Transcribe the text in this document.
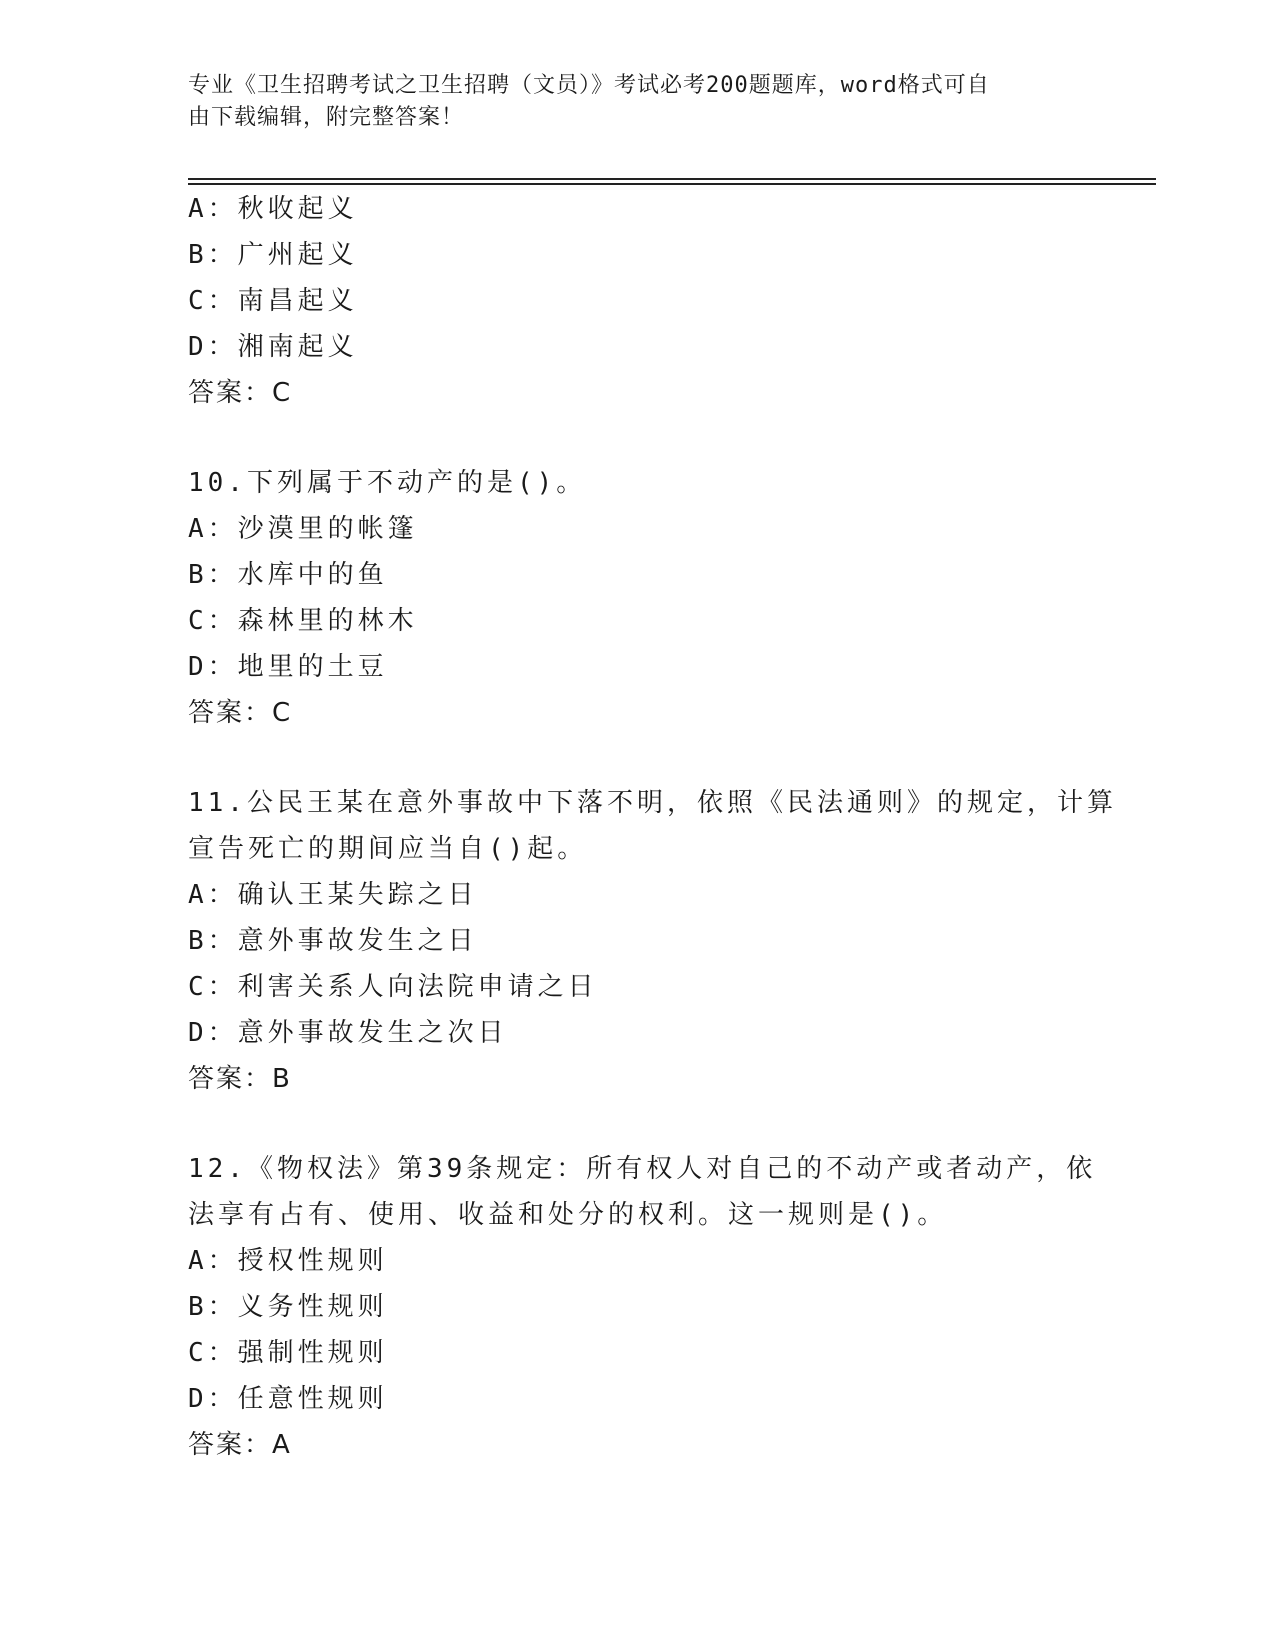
专业《卫生招聘考试之卫生招聘（文员）》考试必考200题题库，word格式可自
由下载编辑，附完整答案！
A：秋收起义
B：广州起义
C：南昌起义
D：湘南起义
答案：C
10.下列属于不动产的是()。
A：沙漠里的帐篷
B：水库中的鱼
C：森林里的林木
D：地里的土豆
答案：C
11.公民王某在意外事故中下落不明，依照《民法通则》的规定，计算
宣告死亡的期间应当自()起。
A：确认王某失踪之日
B：意外事故发生之日
C：利害关系人向法院申请之日
D：意外事故发生之次日
答案：B
12.《物权法》第39条规定：所有权人对自己的不动产或者动产，依
法享有占有、使用、收益和处分的权利。这一规则是()。
A：授权性规则
B：义务性规则
C：强制性规则
D：任意性规则
答案：A
